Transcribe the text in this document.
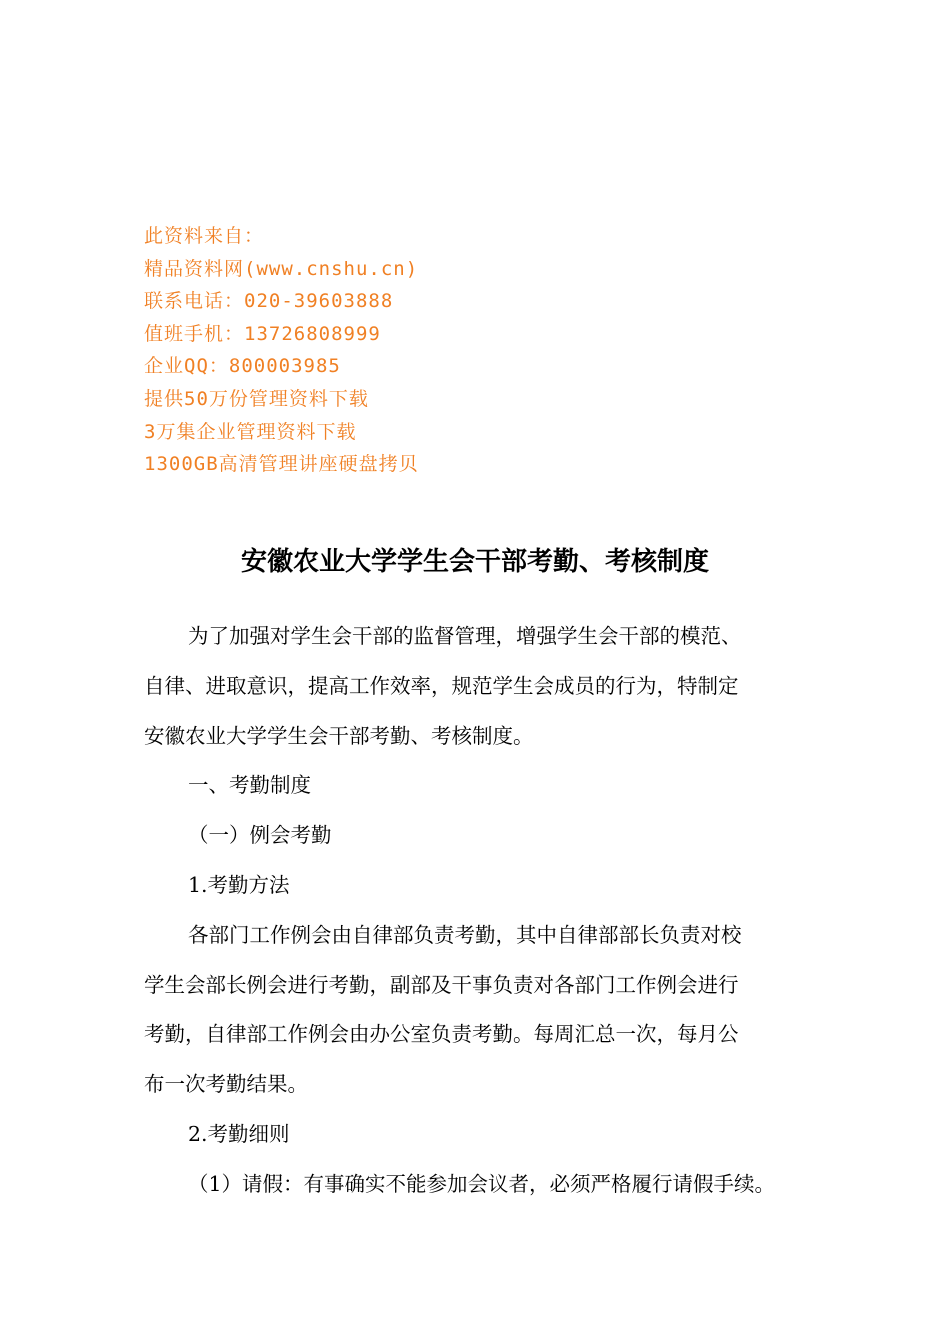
此资料来自：
精品资料网(www.cnshu.cn)
联系电话：020-39603888
值班手机：13726808999
企业QQ：800003985
提供50万份管理资料下载
3万集企业管理资料下载
1300GB高清管理讲座硬盘拷贝
安徽农业大学学生会干部考勤、考核制度
为了加强对学生会干部的监督管理，增强学生会干部的模范、
自律、进取意识，提高工作效率，规范学生会成员的行为，特制定
安徽农业大学学生会干部考勤、考核制度。
一、考勤制度
（一）例会考勤
1.考勤方法
各部门工作例会由自律部负责考勤，其中自律部部长负责对校
学生会部长例会进行考勤，副部及干事负责对各部门工作例会进行
考勤，自律部工作例会由办公室负责考勤。每周汇总一次，每月公
布一次考勤结果。
2.考勤细则
（1）请假：有事确实不能参加会议者，必须严格履行请假手续。
